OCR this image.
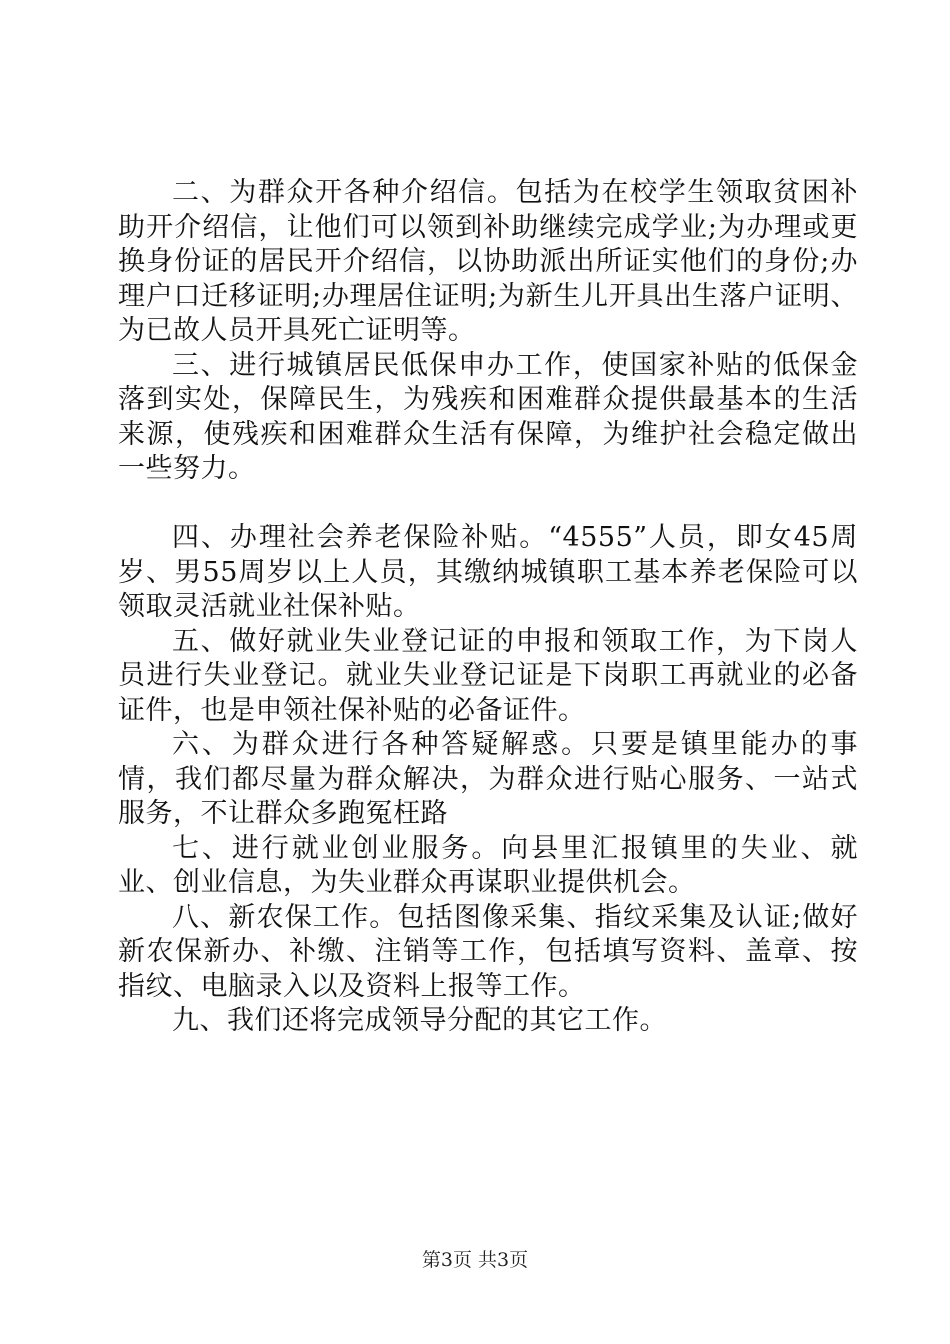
二、为群众开各种介绍信。包括为在校学生领取贫困补助开介绍信，让他们可以领到补助继续完成学业;为办理或更换身份证的居民开介绍信，以协助派出所证实他们的身份;办理户口迁移证明;办理居住证明;为新生儿开具出生落户证明、为已故人员开具死亡证明等。

三、进行城镇居民低保申办工作，使国家补贴的低保金落到实处，保障民生，为残疾和困难群众提供最基本的生活来源，使残疾和困难群众生活有保障，为维护社会稳定做出一些努力。

四、办理社会养老保险补贴。“4555”人员，即女45周岁、男55周岁以上人员，其缴纳城镇职工基本养老保险可以领取灵活就业社保补贴。

五、做好就业失业登记证的申报和领取工作，为下岗人员进行失业登记。就业失业登记证是下岗职工再就业的必备证件，也是申领社保补贴的必备证件。

六、为群众进行各种答疑解惑。只要是镇里能办的事情，我们都尽量为群众解决，为群众进行贴心服务、一站式服务，不让群众多跑冤枉路

七、进行就业创业服务。向县里汇报镇里的失业、就业、创业信息，为失业群众再谋职业提供机会。

八、新农保工作。包括图像采集、指纹采集及认证;做好新农保新办、补缴、注销等工作，包括填写资料、盖章、按指纹、电脑录入以及资料上报等工作。

九、我们还将完成领导分配的其它工作。

第3页 共3页
